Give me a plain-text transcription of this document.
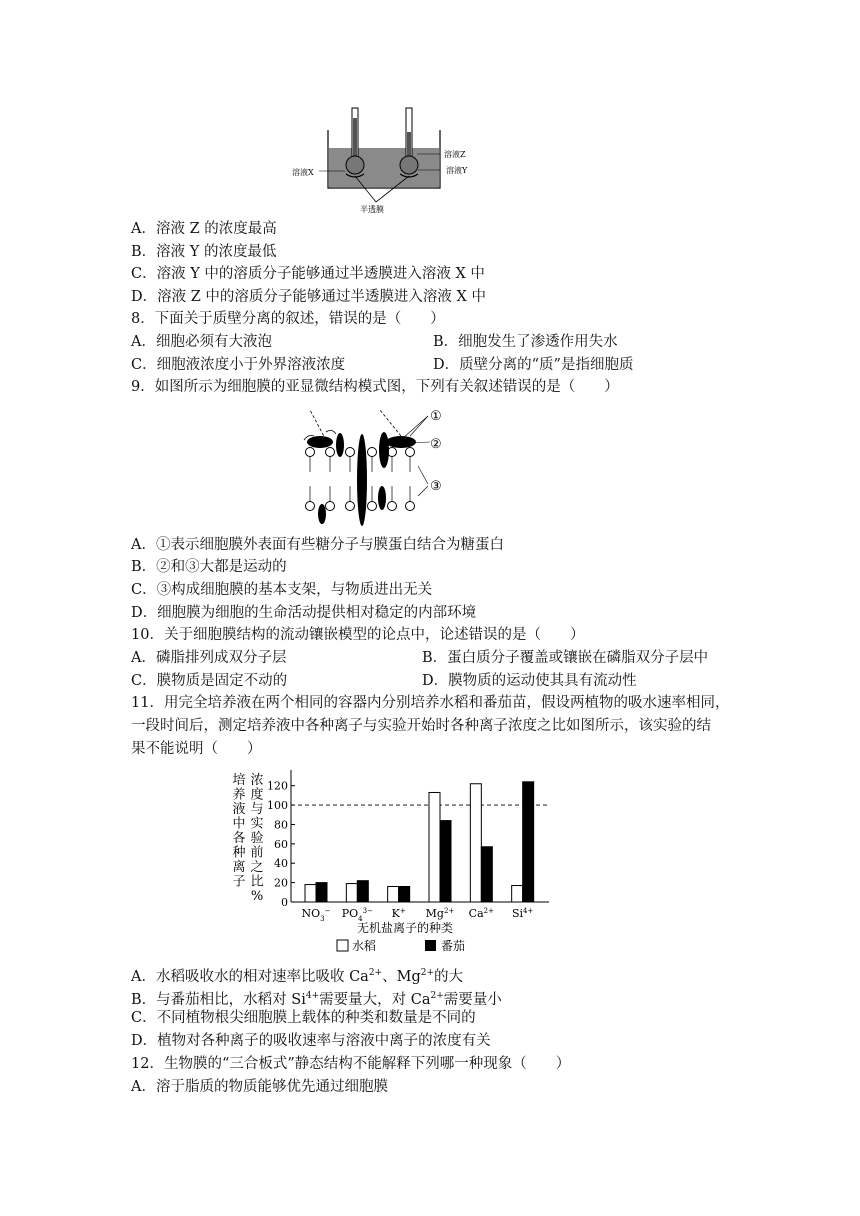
溶液Z
溶液Y
溶液X
半透膜
A．溶液 Z 的浓度最高
B．溶液 Y 的浓度最低
C．溶液 Y 中的溶质分子能够通过半透膜进入溶液 X 中
D．溶液 Z 中的溶质分子能够通过半透膜进入溶液 X 中
8．下面关于质壁分离的叙述，错误的是（　　）
A．细胞必须有大液泡	B．细胞发生了渗透作用失水
C．细胞液浓度小于外界溶液浓度	D．质壁分离的“质”是指细胞质
9．如图所示为细胞膜的亚显微结构模式图，下列有关叙述错误的是（　　）
①
②
③
A．①表示细胞膜外表面有些糖分子与膜蛋白结合为糖蛋白
B．②和③大都是运动的
C．③构成细胞膜的基本支架，与物质进出无关
D．细胞膜为细胞的生命活动提供相对稳定的内部环境
10．关于细胞膜结构的流动镶嵌模型的论点中，论述错误的是（　　）
A．磷脂排列成双分子层	B．蛋白质分子覆盖或镶嵌在磷脂双分子层中
C．膜物质是固定不动的	D．膜物质的运动使其具有流动性
11．用完全培养液在两个相同的容器内分别培养水稻和番茄苗，假设两植物的吸水速率相同，
一段时间后，测定培养液中各种离子与实验开始时各种离子浓度之比如图所示，该实验的结
果不能说明（　　）
培
养
液
中
各
种
离
子
浓
度
与
实
验
前
之
比
% 0
20
40
60
80
100
120
$NO_3^-$ $PO_4^{3-}$ K+ $Mg^{2+}$ $Ca^{2+}$ $Si^{4+}$
无机盐离子的种类
水稻	番茄
A．水稻吸收水的相对速率比吸收 $Ca^{2+}$、$Mg^{2+}$的大
B．与番茄相比，水稻对 $Si^{4+}$需要量大，对 $Ca^{2+}$需要量小
C．不同植物根尖细胞膜上载体的种类和数量是不同的
D．植物对各种离子的吸收速率与溶液中离子的浓度有关
12．生物膜的“三合板式”静态结构不能解释下列哪一种现象（　　）
A．溶于脂质的物质能够优先通过细胞膜
